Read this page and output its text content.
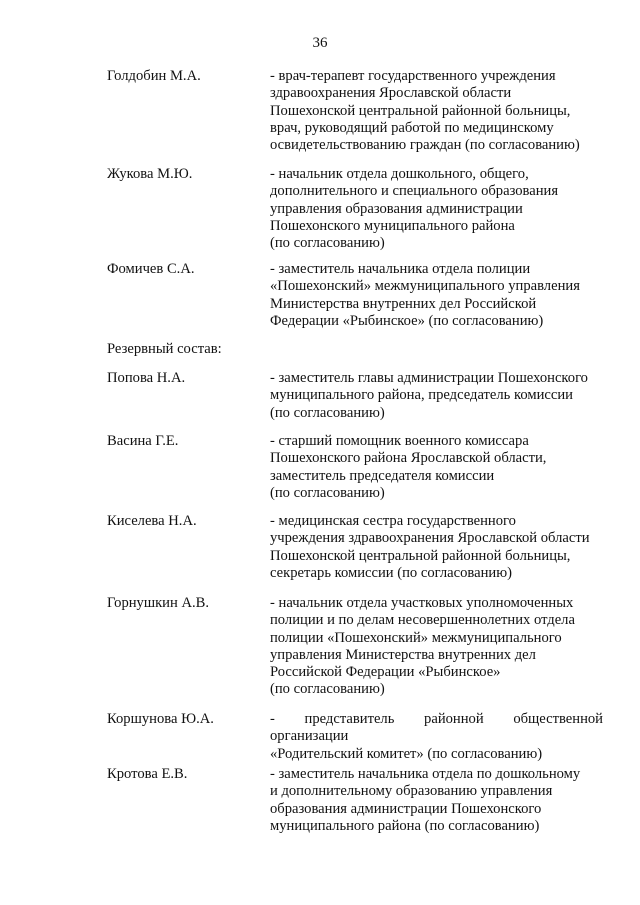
36
Голдобин М.А.	- врач-терапевт государственного учреждения

здравоохранения Ярославской области

Пошехонской центральной районной больницы,

врач, руководящий работой по медицинскому

освидетельствованию граждан (по согласованию)

Жукова М.Ю.	- начальник отдела дошкольного, общего,

дополнительного и специального образования

управления образования администрации

Пошехонского муниципального района

(по согласованию)

Фомичев С.А.	- заместитель начальника отдела полиции

«Пошехонский» межмуниципального управления

Министерства внутренних дел Российской

Федерации «Рыбинское» (по согласованию)

Резервный состав:
Попова Н.А.	- заместитель главы администрации Пошехонского

муниципального района, председатель комиссии

(по согласованию)

Васина Г.Е.	- старший помощник военного комиссара

Пошехонского района Ярославской области,

заместитель председателя комиссии

(по согласованию)

Киселева Н.А.	- медицинская сестра государственного

учреждения здравоохранения Ярославской области

Пошехонской центральной районной больницы,

секретарь комиссии (по согласованию)

Горнушкин А.В.	- начальник отдела участковых уполномоченных

полиции и по делам несовершеннолетних отдела

полиции «Пошехонский» межмуниципального

управления Министерства внутренних дел

Российской Федерации «Рыбинское»

(по согласованию)

Коршунова Ю.А.	- представитель районной общественной организации

«Родительский комитет» (по согласованию)

Кротова Е.В.	- заместитель начальника отдела по дошкольному

и дополнительному образованию управления

образования администрации Пошехонского

муниципального района (по согласованию)
